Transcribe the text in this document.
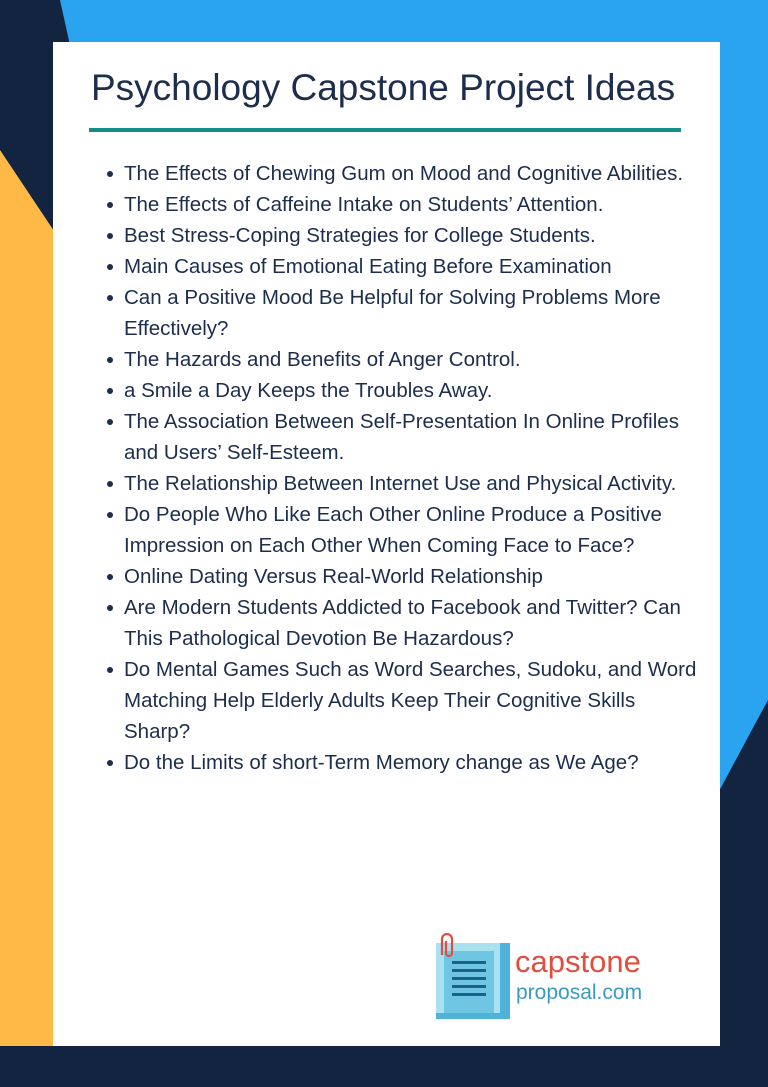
Psychology Capstone Project Ideas
The Effects of Chewing Gum on Mood and Cognitive Abilities.
The Effects of Caffeine Intake on Students’ Attention.
Best Stress-Coping Strategies for College Students.
Main Causes of Emotional Eating Before Examination
Can a Positive Mood Be Helpful for Solving Problems More Effectively?
The Hazards and Benefits of Anger Control.
a Smile a Day Keeps the Troubles Away.
The Association Between Self-Presentation In Online Profiles and Users’ Self-Esteem.
The Relationship Between Internet Use and Physical Activity.
Do People Who Like Each Other Online Produce a Positive Impression on Each Other When Coming Face to Face?
Online Dating Versus Real-World Relationship
Are Modern Students Addicted to Facebook and Twitter? Can This Pathological Devotion Be Hazardous?
Do Mental Games Such as Word Searches, Sudoku, and Word Matching Help Elderly Adults Keep Their Cognitive Skills Sharp?
Do the Limits of short-Term Memory change as We Age?
capstone
proposal.com
